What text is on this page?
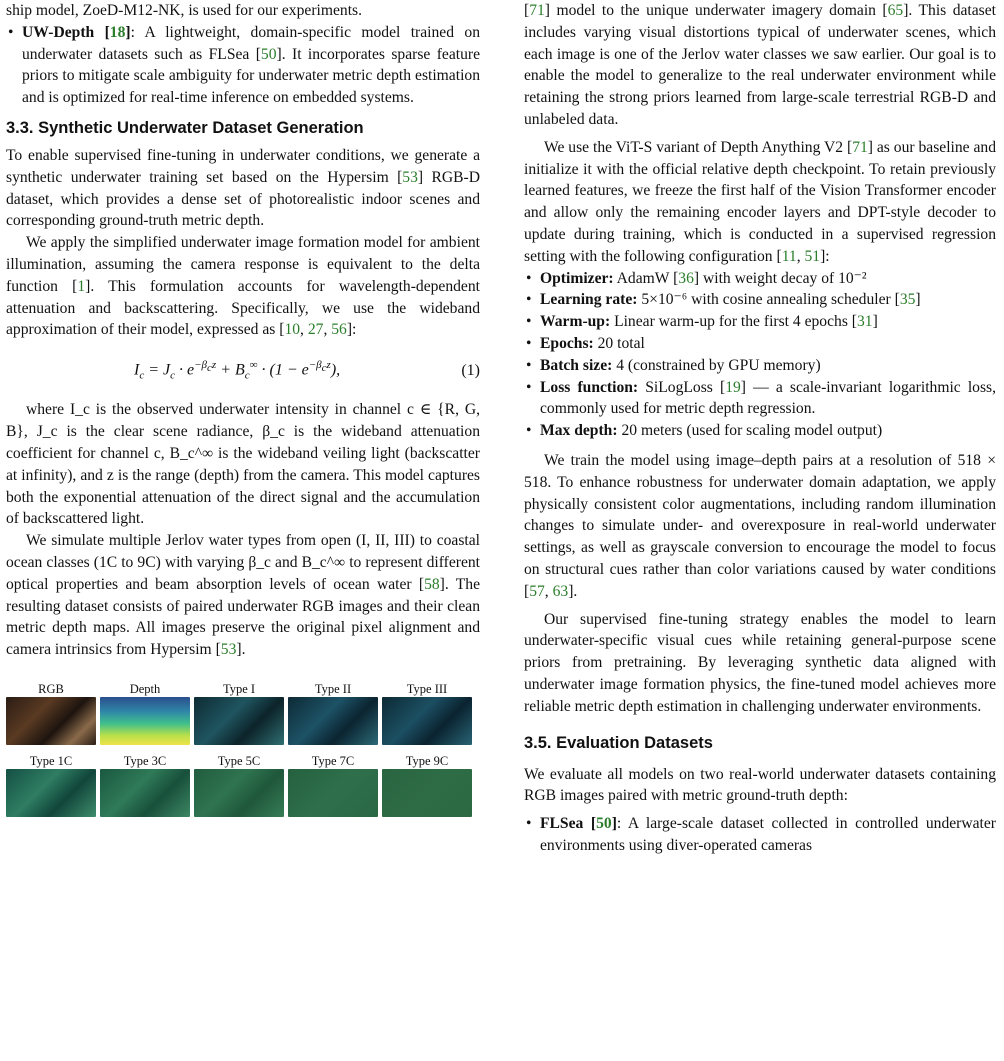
ship model, ZoeD-M12-NK, is used for our experiments.

• UW-Depth [18]: A lightweight, domain-specific model trained on underwater datasets such as FLSea [50]. It incorporates sparse feature priors to mitigate scale ambiguity for underwater metric depth estimation and is optimized for real-time inference on embedded systems.
3.3. Synthetic Underwater Dataset Generation

To enable supervised fine-tuning in underwater conditions, we generate a synthetic underwater training set based on the Hypersim [53] RGB-D dataset, which provides a dense set of photorealistic indoor scenes and corresponding ground-truth metric depth.

We apply the simplified underwater image formation model for ambient illumination, assuming the camera response is equivalent to the delta function [1]. This formulation accounts for wavelength-dependent attenuation and backscattering. Specifically, we use the wideband approximation of their model, expressed as [10, 27, 56]:

$I_c = J_c \cdot e^{-\beta_cz} + B_c^\infty \cdot (1 - e^{-\beta_cz})$,	(1)

where I_c is the observed underwater intensity in channel c ∈ {R, G, B}, J_c is the clear scene radiance, β_c is the wideband attenuation coefficient for channel c, B_c^∞ is the wideband veiling light (backscatter at infinity), and z is the range (depth) from the camera. This model captures both the exponential attenuation of the direct signal and the accumulation of backscattered light.

We simulate multiple Jerlov water types from open (I, II, III) to coastal ocean classes (1C to 9C) with varying β_c and B_c^∞ to represent different optical properties and beam absorption levels of ocean water [58]. The resulting dataset consists of paired underwater RGB images and their clean metric depth maps. All images preserve the original pixel alignment and camera intrinsics from Hypersim [53].

RGB	Depth	Type I	Type II	Type III
Type 1C	Type 3C	Type 5C	Type 7C	Type 9C

[71] model to the unique underwater imagery domain [65]. This dataset includes varying visual distortions typical of underwater scenes, which each image is one of the Jerlov water classes we saw earlier. Our goal is to enable the model to generalize to the real underwater environment while retaining the strong priors learned from large-scale terrestrial RGB-D and unlabeled data.

We use the ViT-S variant of Depth Anything V2 [71] as our baseline and initialize it with the official relative depth checkpoint. To retain previously learned features, we freeze the first half of the Vision Transformer encoder and allow only the remaining encoder layers and DPT-style decoder to update during training, which is conducted in a supervised regression setting with the following configuration [11, 51]:

• Optimizer: AdamW [36] with weight decay of 10⁻²
• Learning rate: 5×10⁻⁶ with cosine annealing scheduler [35]
• Warm-up: Linear warm-up for the first 4 epochs [31]
• Epochs: 20 total
• Batch size: 4 (constrained by GPU memory)
• Loss function: SiLogLoss [19] — a scale-invariant logarithmic loss, commonly used for metric depth regression.
• Max depth: 20 meters (used for scaling model output)

We train the model using image–depth pairs at a resolution of 518 × 518. To enhance robustness for underwater domain adaptation, we apply physically consistent color augmentations, including random illumination changes to simulate under- and overexposure in real-world underwater settings, as well as grayscale conversion to encourage the model to focus on structural cues rather than color variations caused by water conditions [57, 63].

Our supervised fine-tuning strategy enables the model to learn underwater-specific visual cues while retaining general-purpose scene priors from pretraining. By leveraging synthetic data aligned with underwater image formation physics, the fine-tuned model achieves more reliable metric depth estimation in challenging underwater environments.

3.5. Evaluation Datasets

We evaluate all models on two real-world underwater datasets containing RGB images paired with metric ground-truth depth:

• FLSea [50]: A large-scale dataset collected in controlled underwater environments using diver-operated cameras
